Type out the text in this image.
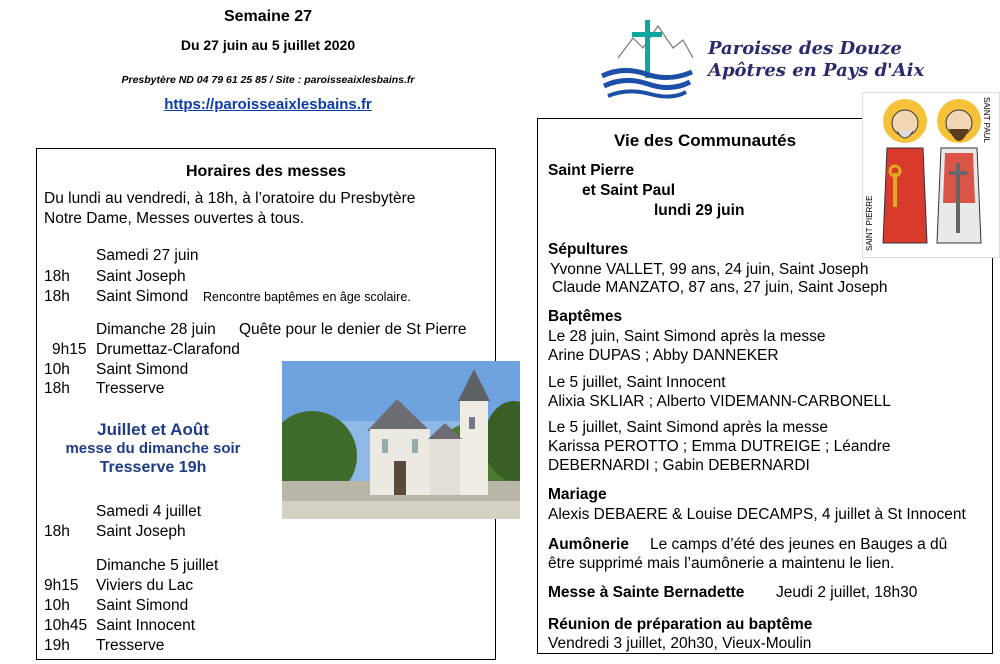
Semaine 27
Du 27 juin au 5 juillet 2020
Presbytère ND 04 79 61 25 85 / Site : paroisseaixlesbains.fr
https://paroisseaixlesbains.fr
Paroisse des Douze
Apôtres en Pays d'Aix
Horaires des messes
Du lundi au vendredi, à 18h, à l’oratoire du Presbytère
Notre Dame, Messes ouvertes à tous.
Samedi 27 juin
18h Saint Joseph
18h Saint Simond Rencontre baptêmes en âge scolaire.
Dimanche 28 juin Quête pour le denier de St Pierre
9h15 Drumettaz-Clarafond
10h Saint Simond
18h Tresserve
Juillet et Août
messe du dimanche soir
Tresserve 19h
Samedi 4 juillet
18h Saint Joseph
Dimanche 5 juillet
9h15 Viviers du Lac
10h Saint Simond
10h45 Saint Innocent
19h Tresserve
Vie des Communautés
Saint Pierre
et Saint Paul
lundi 29 juin	SAINT PIERRE
SAINT PAUL
Sépultures
Yvonne VALLET, 99 ans, 24 juin, Saint Joseph
Claude MANZATO, 87 ans, 27 juin, Saint Joseph
Baptêmes
Le 28 juin, Saint Simond après la messe
Arine DUPAS ; Abby DANNEKER
Le 5 juillet, Saint Innocent
Alixia SKLIAR ; Alberto VIDEMANN-CARBONELL
Le 5 juillet, Saint Simond après la messe
Karissa PEROTTO ; Emma DUTREIGE ; Léandre
DEBERNARDI ; Gabin DEBERNARDI
Mariage
Alexis DEBAERE & Louise DECAMPS, 4 juillet à St Innocent
Aumônerie Le camps d’été des jeunes en Bauges a dû
être supprimé mais l’aumônerie a maintenu le lien.
Messe à Sainte Bernadette Jeudi 2 juillet, 18h30
Réunion de préparation au baptême
Vendredi 3 juillet, 20h30, Vieux-Moulin
